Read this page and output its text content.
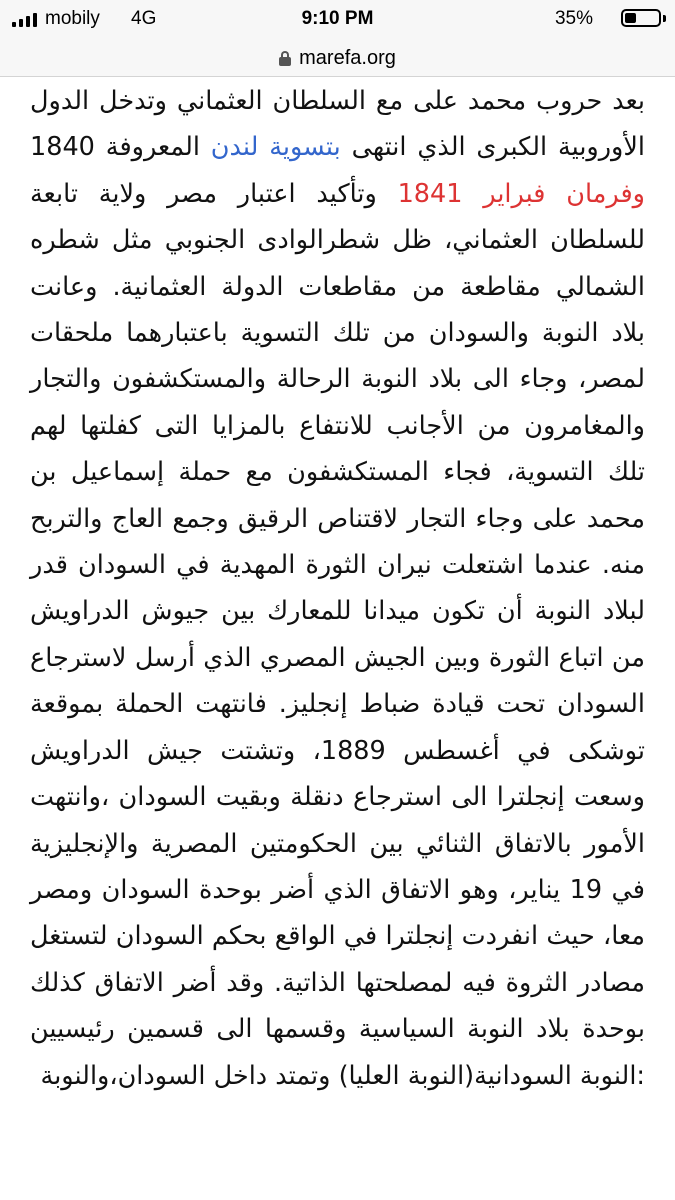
mobily 4G	9:10 PM	35%
marefa.org

بعد حروب محمد على مع السلطان العثماني وتدخل الدول الأوروبية الكبرى الذي انتهى بتسوية لندن المعروفة 1840 وفرمان فبراير 1841 وتأكيد اعتبار مصر ولاية تابعة للسلطان العثماني، ظل شطرالوادى الجنوبي مثل شطره الشمالي مقاطعة من مقاطعات الدولة العثمانية. وعانت بلاد النوبة والسودان من تلك التسوية باعتبارهما ملحقات لمصر، وجاء الى بلاد النوبة الرحالة والمستكشفون والتجار والمغامرون من الأجانب للانتفاع بالمزايا التى كفلتها لهم تلك التسوية، فجاء المستكشفون مع حملة إسماعيل بن محمد على وجاء التجار لاقتناص الرقيق وجمع العاج والتربح منه. عندما اشتعلت نيران الثورة المهدية في السودان قدر لبلاد النوبة أن تكون ميدانا للمعارك بين جيوش الدراويش من اتباع الثورة وبين الجيش المصري الذي أرسل لاسترجاع السودان تحت قيادة ضباط إنجليز. فانتهت الحملة بموقعة توشكى في أغسطس 1889، وتشتت جيش الدراويش وسعت إنجلترا الى استرجاع دنقلة وبقيت السودان ،وانتهت الأمور بالاتفاق الثنائي بين الحكومتين المصرية والإنجليزية في 19 يناير، وهو الاتفاق الذي أضر بوحدة السودان ومصر معا، حيث انفردت إنجلترا في الواقع بحكم السودان لتستغل مصادر الثروة فيه لمصلحتها الذاتية. وقد أضر الاتفاق كذلك بوحدة بلاد النوبة السياسية وقسمها الى قسمين رئيسيين :النوبة السودانية(النوبة العليا) وتمتد داخل السودان،والنوبة
